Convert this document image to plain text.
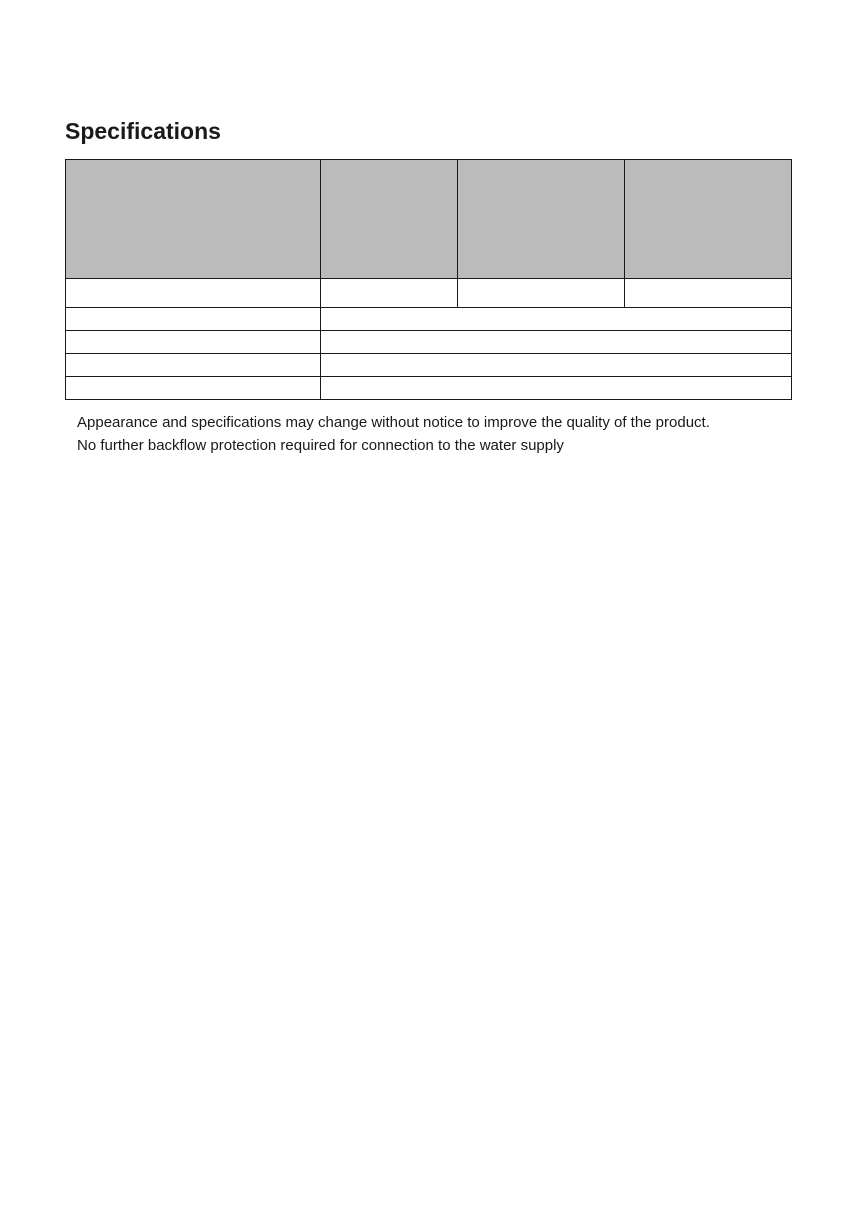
Specifications

Appearance and specifications may change without notice to improve the quality of the product.

No further backflow protection required for connection to the water supply
